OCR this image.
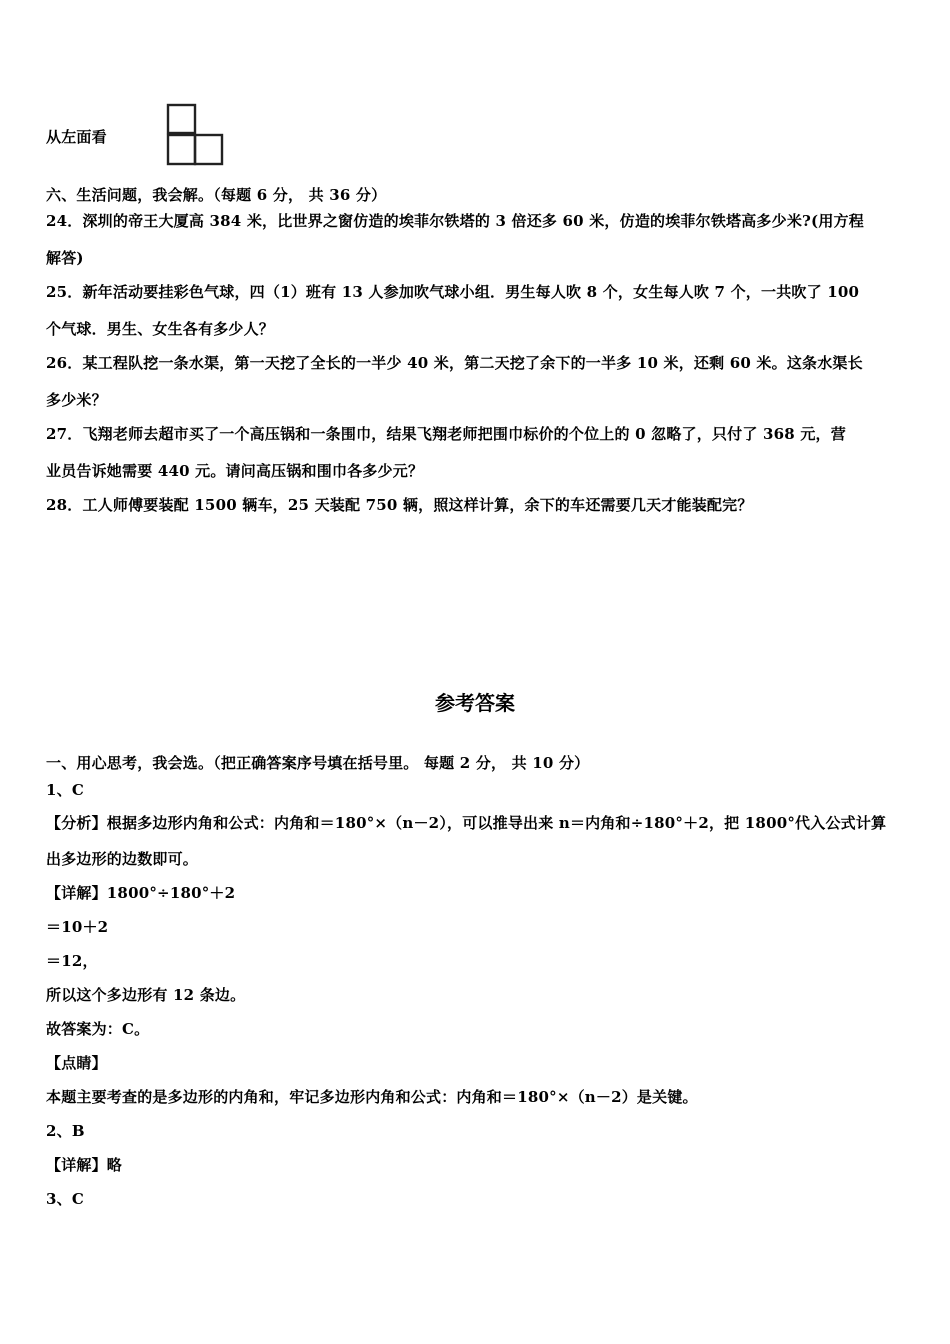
从左面看
六、生活问题，我会解。（每题 6 分， 共 36 分）
24．深圳的帝王大厦高 384 米，比世界之窗仿造的埃菲尔铁塔的 3 倍还多 60 米，仿造的埃菲尔铁塔高多少米?(用方程
解答)
25．新年活动要挂彩色气球，四（1）班有 13 人参加吹气球小组．男生每人吹 8 个，女生每人吹 7 个，一共吹了 100
个气球．男生、女生各有多少人？
26．某工程队挖一条水渠，第一天挖了全长的一半少 40 米，第二天挖了余下的一半多 10 米，还剩 60 米。这条水渠长
多少米？
27．飞翔老师去超市买了一个高压锅和一条围巾，结果飞翔老师把围巾标价的个位上的 0 忽略了，只付了 368 元，营
业员告诉她需要 440 元。请问高压锅和围巾各多少元？
28．工人师傅要装配 1500 辆车，25 天装配 750 辆，照这样计算，余下的车还需要几天才能装配完？
参考答案
一、用心思考，我会选。（把正确答案序号填在括号里。 每题 2 分， 共 10 分）
1、C
【分析】根据多边形内角和公式：内角和＝180°×（n－2），可以推导出来 n＝内角和÷180°＋2，把 1800°代入公式计算
出多边形的边数即可。
【详解】1800°÷180°＋2
＝10＋2
＝12，
所以这个多边形有 12 条边。
故答案为：C。
【点睛】
本题主要考查的是多边形的内角和，牢记多边形内角和公式：内角和＝180°×（n－2）是关键。
2、B
【详解】略
3、C
